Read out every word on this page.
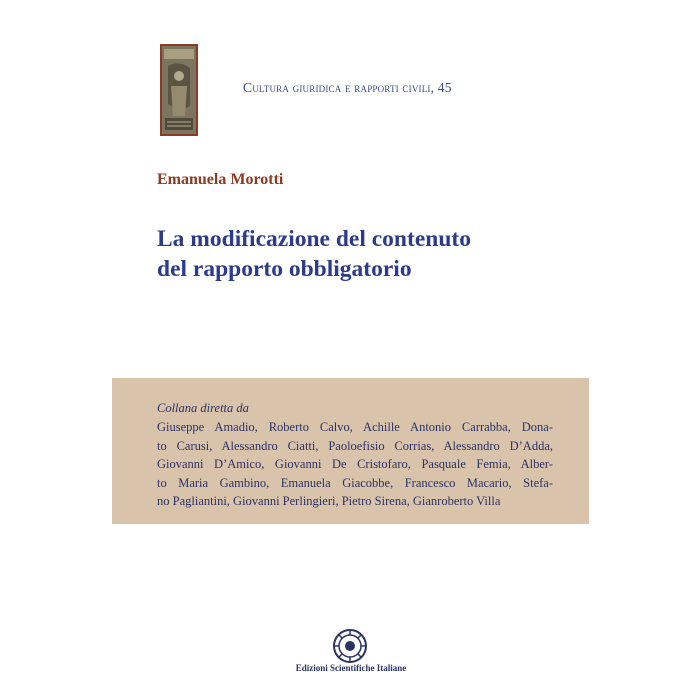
Cultura giuridica e rapporti civili, 45
Emanuela Morotti
La modificazione del contenuto
del rapporto obbligatorio
Collana diretta da
Giuseppe Amadio, Roberto Calvo, Achille Antonio Carrabba, Dona-
to Carusi, Alessandro Ciatti, Paoloefisio Corrias, Alessandro D’Adda,
Giovanni D’Amico, Giovanni De Cristofaro, Pasquale Femia, Alber-
to Maria Gambino, Emanuela Giacobbe, Francesco Macario, Stefa-
no Pagliantini, Giovanni Perlingieri, Pietro Sirena, Gianroberto Villa
Edizioni Scientifiche Italiane
